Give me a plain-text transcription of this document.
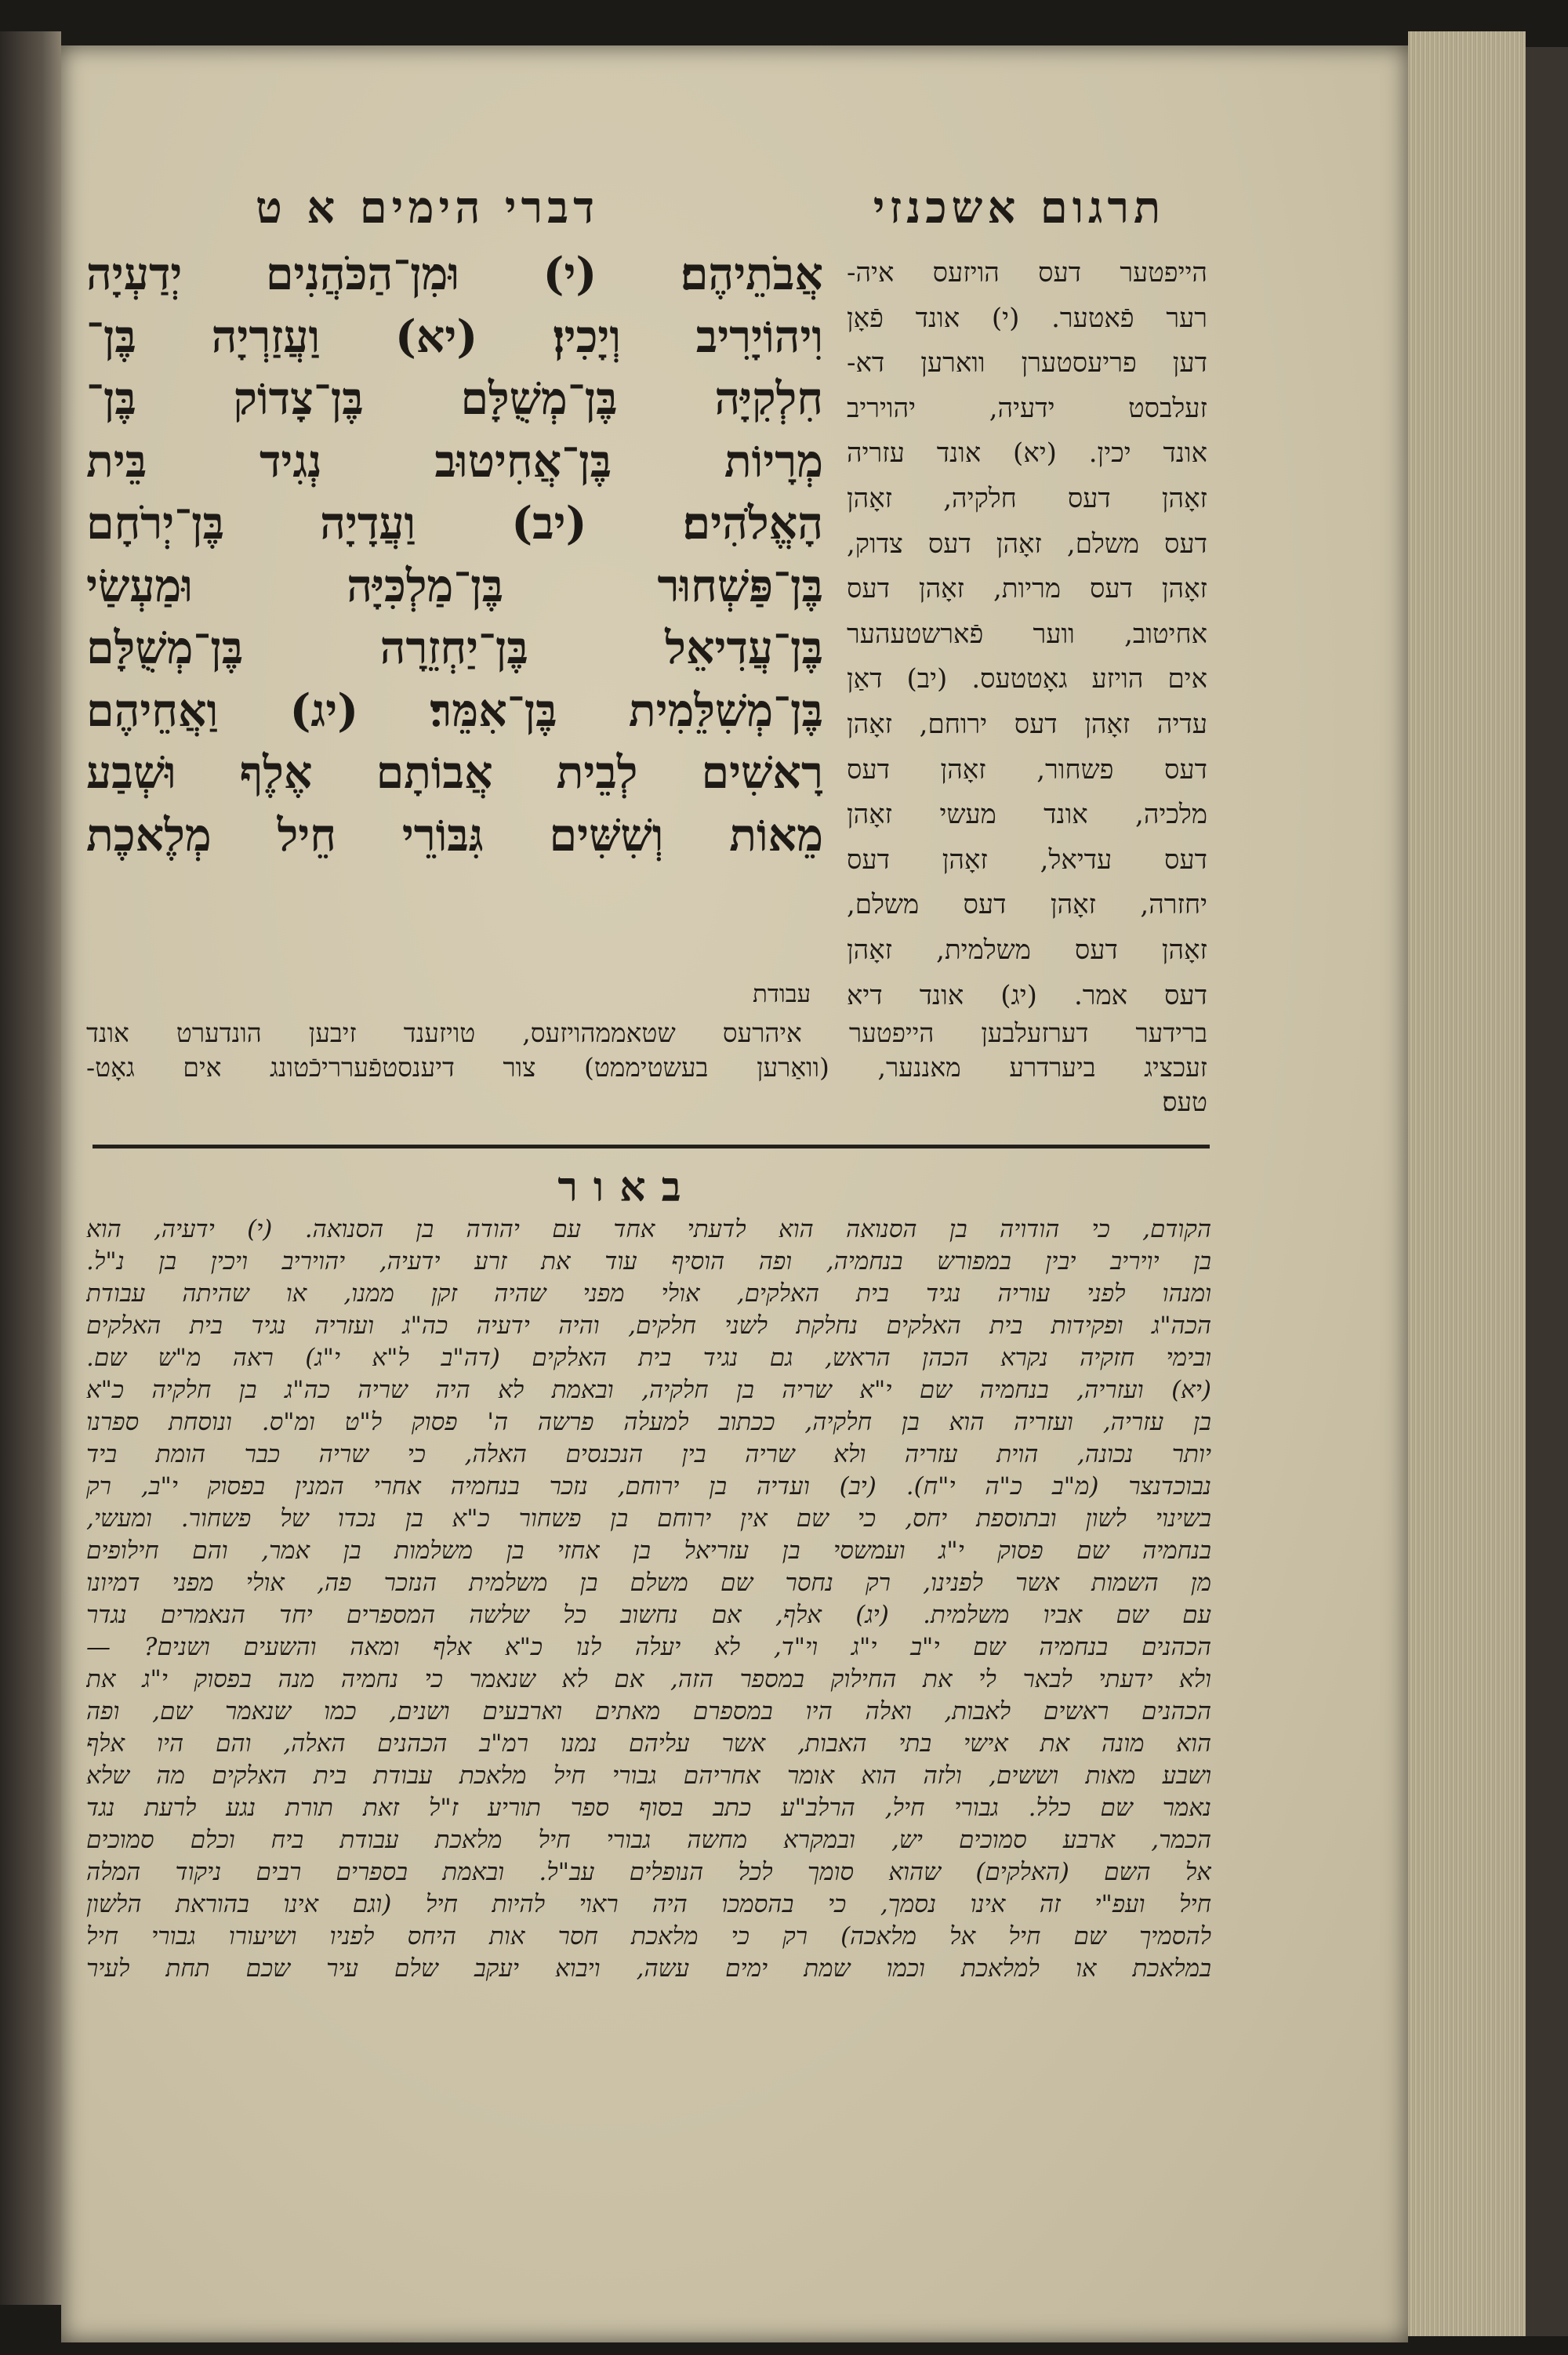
דברי הימים א ט	תרגום אשכנזי
אֲבֹתֵיהֶם׃ (י) וּמִן־הַכֹּהֲנִים יְדַעְיָה
וִיהוֹיָרִיב וְיָכִין׃ (יא) וַעֲזַרְיָה בֶּן־
חִלְקִיָּה בֶּן־מְשֻׁלָּם בֶּן־צָדוֹק בֶּן־
מְרָיוֹת בֶּן־אֲחִיטוּב נְגִיד בֵּית
הָאֱלֹהִים׃ (יב) וַעֲדָיָה בֶּן־יְרֹחָם
בֶּן־פַּשְׁחוּר בֶּן־מַלְכִּיָּה וּמַעְשַׂי
בֶּן־עֲדִיאֵל בֶּן־יַחְזֵרָה בֶּן־מְשֻׁלָּם
בֶּן־מְשִׁלֵּמִית בֶּן־אִמֵּר׃ (יג) וַאֲחֵיהֶם
רָאשִׁים לְבֵית אֲבוֹתָם אֶלֶף וּשְׁבַע
מֵאוֹת וְשִׁשִּׁים גִּבּוֹרֵי חֵיל מְלֶאכֶת
הייפטער דעס הויזעס איה-
רער פֿאטער. (י) אונד פֿאָן
דען פריעסטערן ווארען דא-
זעלבסט ידעיה, יהויריב
אונד יכין. (יא) אונד עזריה
זאָהן דעס חלקיה, זאָהן
דעס משלם, זאָהן דעס צדוק,
זאָהן דעס מריות, זאָהן דעס
אחיטוב, ווער פֿארשטעהער
אים הויזע גאָטטעס. (יב) דאַן
עדיה זאָהן דעס ירוחם, זאָהן
דעס פשחור, זאָהן דעס
מלכיה, אונד מעשי זאָהן
דעס עדיאל, זאָהן דעס
יחזרה, זאָהן דעס משלם,
זאָהן דעס משלמית, זאָהן
דעס אמר. (יג) אונד דיא
עבודת
ברידער דערזעלבען הייפטער איהרעס שטאממהויזעס, טויזענד זיבען הונדערט אונד
זעכציג ביערדרע מאננער, (וואַרען בעשטיממט) צור דיענסטפֿערריכֿטונג אים גאָט-
טעס׃
באור
הקודם, כי הודויה בן הסנואה הוא לדעתי אחד עם יהודה בן הסנואה. (י) ידעיה, הוא
בן יויריב יבין במפורש בנחמיה, ופה הוסיף עוד את זרע ידעיה, יהויריב ויכין בן נ"ל.
ומנהו לפני עוריה נגיד בית האלקים, אולי מפני שהיה זקן ממנו, או שהיתה עבודת
הכה"ג ופקידות בית האלקים נחלקת לשני חלקים, והיה ידעיה כה"ג ועזריה נגיד בית האלקים
ובימי חזקיה נקרא הכהן הראש, גם נגיד בית האלקים (דה"ב ל"א י"ג) ראה מ"ש שם.
(יא) ועזריה, בנחמיה שם י"א שריה בן חלקיה, ובאמת לא היה שריה כה"ג בן חלקיה כ"א
בן עזריה, ועזריה הוא בן חלקיה, ככתוב למעלה פרשה ה' פסוק ל"ט ומ"ס. ונוסחת ספרנו
יותר נכונה, הוית עזריה ולא שריה בין הנכנסים האלה, כי שריה כבר הומת ביד
נבוכדנצר (מ"ב כ"ה י"ח). (יב) ועדיה בן ירוחם, נזכר בנחמיה אחרי המנין בפסוק י"ב, רק
בשינוי לשון ובתוספת יחס, כי שם אין ירוחם בן פשחור כ"א בן נכדו של פשחור. ומעשי,
בנחמיה שם פסוק י"ג ועמשסי בן עזריאל בן אחזי בן משלמות בן אמר, והם חילופים
מן השמות אשר לפנינו, רק נחסר שם משלם בן משלמית הנזכר פה, אולי מפני דמיונו
עם שם אביו משלמית. (יג) אלף, אם נחשוב כל שלשה המספרים יחד הנאמרים נגדר
הכהנים בנחמיה שם י"ב י"ג וי"ד, לא יעלה לנו כ"א אלף ומאה והשעים ושנים? —
ולא ידעתי לבאר לי את החילוק במספר הזה, אם לא שנאמר כי נחמיה מנה בפסוק י"ג את
הכהנים ראשים לאבות, ואלה היו במספרם מאתים וארבעים ושנים, כמו שנאמר שם, ופה
הוא מונה את אישי בתי האבות, אשר עליהם נמנו רמ"ב הכהנים האלה, והם היו אלף
ושבע מאות וששים, ולזה הוא אומר אחריהם גבורי חיל מלאכת עבודת בית האלקים מה שלא
נאמר שם כלל. גבורי חיל, הרלב"ע כתב בסוף ספר תוריע ז"ל זאת תורת נגע לרעת נגד
הכמר, ארבע סמוכים יש, ובמקרא מחשה גבורי חיל מלאכת עבודת ביח וכלם סמוכים
אל השם (האלקים) שהוא סומך לכל הנופלים עב"ל. ובאמת בספרים רבים ניקוד המלה
חיל ועפ"י זה אינו נסמך, כי בהסמכו היה ראוי להיות חיל (וגם אינו בהוראת הלשון
להסמיך שם חיל אל מלאכה) רק כי מלאכת חסר אות היחס לפניו ושיעורו גבורי חיל
במלאכת או למלאכת וכמו שמת ימים עשה, ויבוא יעקב שלם עיר שכם תחת לעיר
